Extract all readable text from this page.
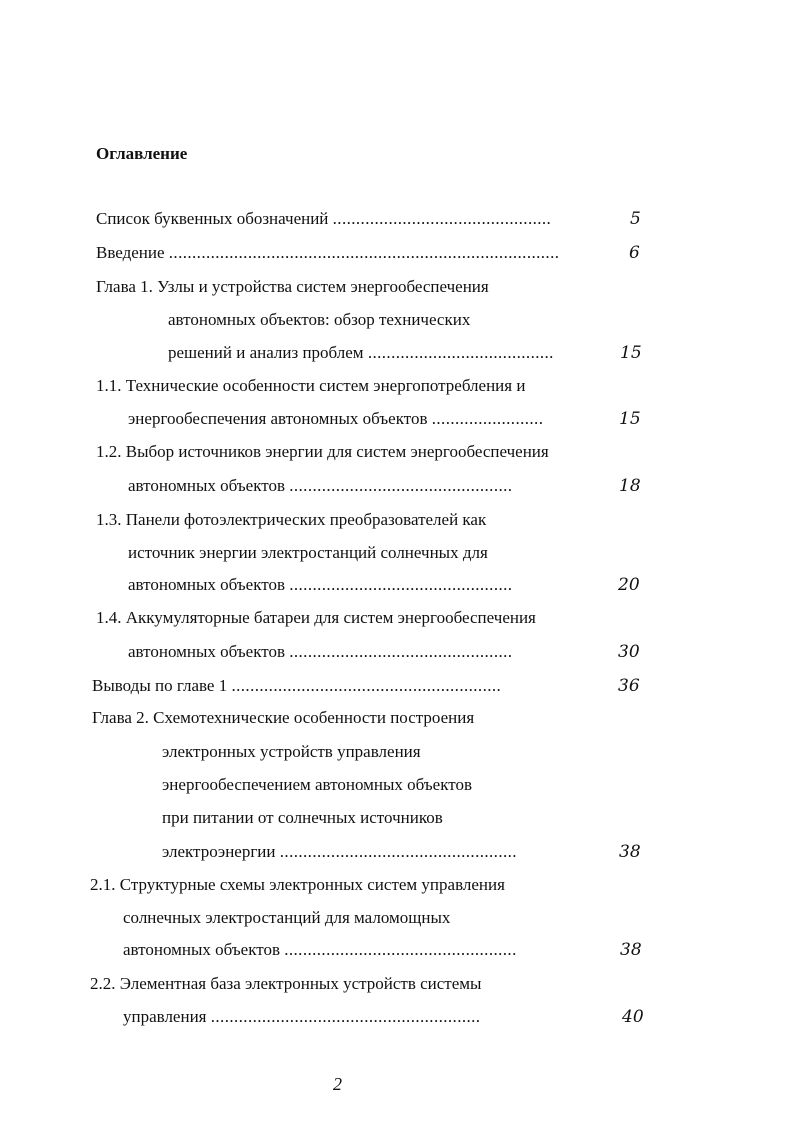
Оглавление
Список буквенных обозначений ...............................................	5
Введение ....................................................................................	6
Глава 1. Узлы и устройства систем энергообеспечения
автономных объектов: обзор технических
решений и анализ проблем ........................................	15
1.1. Технические особенности систем энергопотребления и
энергообеспечения автономных объектов ........................	15
1.2. Выбор источников энергии для систем энергообеспечения
автономных объектов ................................................	18
1.3. Панели фотоэлектрических преобразователей как
источник энергии электростанций солнечных для
автономных объектов ................................................	20
1.4. Аккумуляторные батареи для систем энергообеспечения
автономных объектов ................................................	30
Выводы по главе 1 ..........................................................	36
Глава 2. Схемотехнические особенности построения
электронных устройств управления
энергообеспечением автономных объектов
при питании от солнечных источников
электроэнергии ...................................................	38
2.1. Структурные схемы электронных систем управления
солнечных электростанций для маломощных
автономных объектов ..................................................	38
2.2. Элементная база электронных устройств системы
управления ..........................................................	40
2
